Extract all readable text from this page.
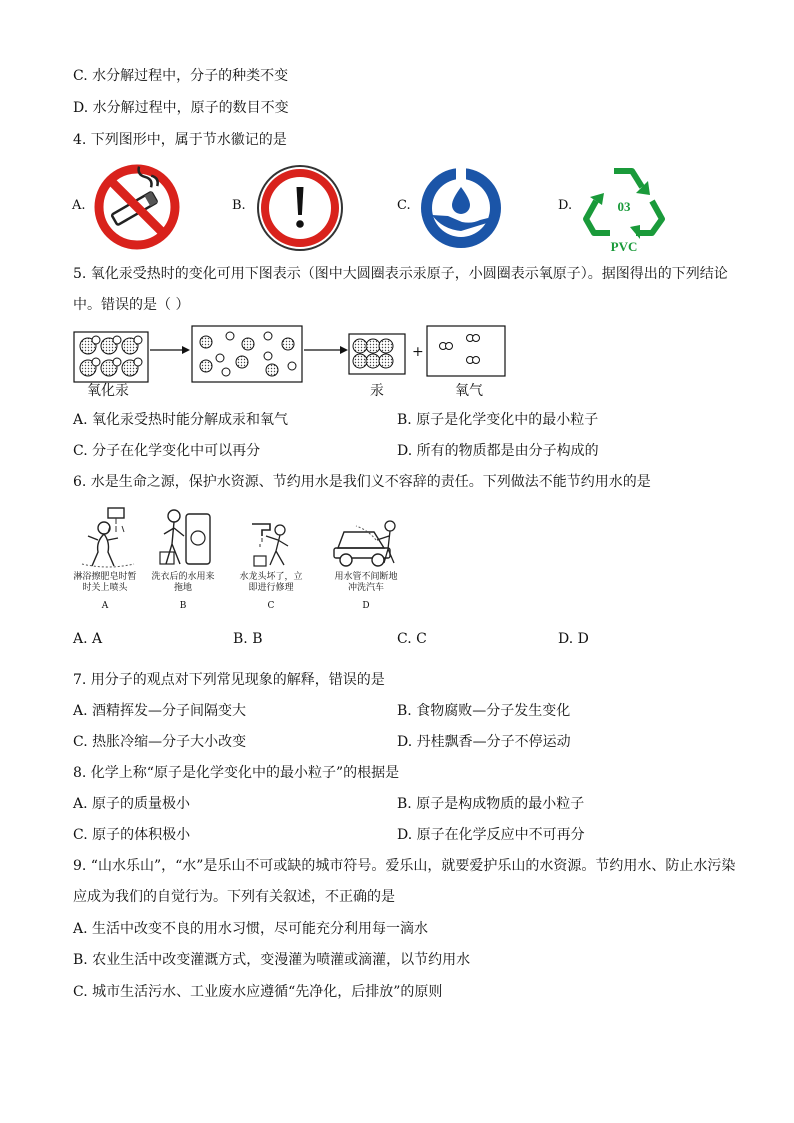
C. 水分解过程中，分子的种类不变
D. 水分解过程中，原子的数目不变
4. 下列图形中，属于节水徽记的是
A.	B.	C.	D.	03
PVC
5. 氧化汞受热时的变化可用下图表示（图中大圆圈表示汞原子，小圆圈表示氧原子）。据图得出的下列结论
中。错误的是（ ）
氧化汞
+
汞	氧气
A. 氧化汞受热时能分解成汞和氧气	B. 原子是化学变化中的最小粒子
C. 分子在化学变化中可以再分	D. 所有的物质都是由分子构成的
6. 水是生命之源，保护水资源、节约用水是我们义不容辞的责任。下列做法不能节约用水的是
淋浴擦肥皂时暂时关上喷头
A
洗衣后的水用来拖地
B
水龙头坏了，立即进行修理
C
用水管不间断地冲洗汽车
D
A. A	B. B	C. C	D. D
7. 用分子的观点对下列常见现象的解释，错误的是
A. 酒精挥发—分子间隔变大	B. 食物腐败—分子发生变化
C. 热胀冷缩—分子大小改变	D. 丹桂飘香—分子不停运动
8. 化学上称“原子是化学变化中的最小粒子”的根据是
A. 原子的质量极小	B. 原子是构成物质的最小粒子
C. 原子的体积极小	D. 原子在化学反应中不可再分
9. “山水乐山”，“水”是乐山不可或缺的城市符号。爱乐山，就要爱护乐山的水资源。节约用水、防止水污染
应成为我们的自觉行为。下列有关叙述，不正确的是
A. 生活中改变不良的用水习惯，尽可能充分利用每一滴水
B. 农业生活中改变灌溉方式，变漫灌为喷灌或滴灌，以节约用水
C. 城市生活污水、工业废水应遵循“先净化，后排放”的原则
